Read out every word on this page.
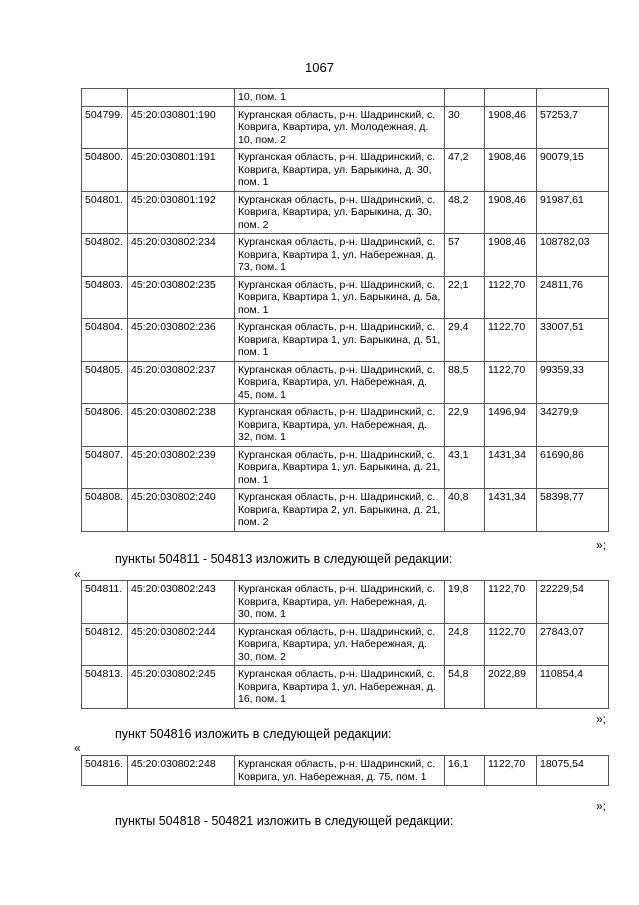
1067
		10, пом. 1			
504799.	45:20:030801:190	Курганская область, р-н. Шадринский, с. Ковригa, Квартира, ул. Молодежная, д. 10, пом. 2	30	1908,46	57253,7
504800.	45:20:030801:191	Курганская область, р-н. Шадринский, с. Ковригa, Квартира, ул. Барыкина, д. 30, пом. 1	47,2	1908,46	90079,15
504801.	45:20:030801:192	Курганская область, р-н. Шадринский, с. Ковригa, Квартира, ул. Барыкина, д. 30, пом. 2	48,2	1908,46	91987,61
504802.	45:20:030802:234	Курганская область, р-н. Шадринский, с. Ковригa, Квартира 1, ул. Набережная, д. 73, пом. 1	57	1908,46	108782,03
504803.	45:20:030802:235	Курганская область, р-н. Шадринский, с. Ковригa, Квартира 1, ул. Барыкина, д. 5а, пом. 1	22,1	1122,70	24811,76
504804.	45:20:030802:236	Курганская область, р-н. Шадринский, с. Ковригa, Квартира 1, ул. Барыкина, д. 51, пом. 1	29,4	1122,70	33007,51
504805.	45:20:030802:237	Курганская область, р-н. Шадринский, с. Ковригa, Квартира, ул. Набережная, д. 45, пом. 1	88,5	1122,70	99359,33
504806.	45:20:030802:238	Курганская область, р-н. Шадринский, с. Ковригa, Квартира, ул. Набережная, д. 32, пом. 1	22,9	1496,94	34279,9
504807.	45:20:030802:239	Курганская область, р-н. Шадринский, с. Ковригa, Квартира 1, ул. Барыкина, д. 21, пом. 1	43,1	1431,34	61690,86
504808.	45:20:030802:240	Курганская область, р-н. Шадринский, с. Ковригa, Квартира 2, ул. Барыкина, д. 21, пом. 2	40,8	1431,34	58398,77
»;
пункты 504811 - 504813 изложить в следующей редакции:
«
504811.	45:20:030802:243	Курганская область, р-н. Шадринский, с. Ковригa, Квартира, ул. Набережная, д. 30, пом. 1	19,8	1122,70	22229,54
504812.	45:20:030802:244	Курганская область, р-н. Шадринский, с. Ковригa, Квартира, ул. Набережная, д. 30, пом. 2	24,8	1122,70	27843,07
504813.	45:20:030802:245	Курганская область, р-н. Шадринский, с. Ковригa, Квартира 1, ул. Набережная, д. 16, пом. 1	54,8	2022,89	110854,4
»;
пункт 504816 изложить в следующей редакции:
«
504816.	45:20:030802:248	Курганская область, р-н. Шадринский, с. Ковригa, ул. Набережная, д. 75, пом. 1	16,1	1122,70	18075,54
»;
пункты 504818 - 504821 изложить в следующей редакции:
